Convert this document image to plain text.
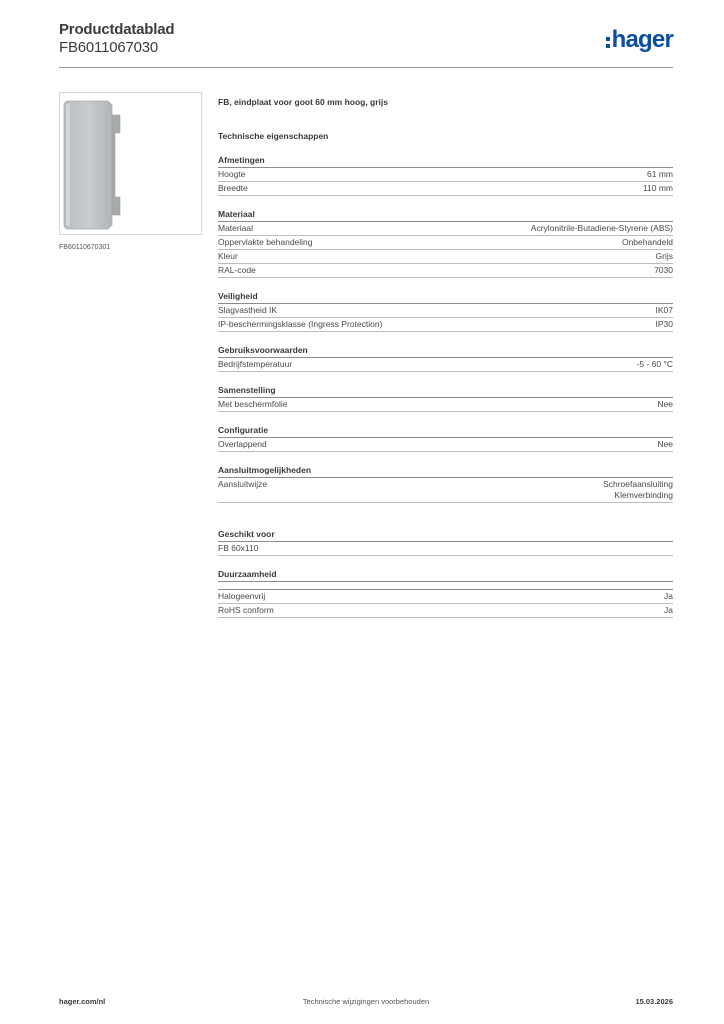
Productdatablad
FB6011067030	hager
FB60110670301
FB, eindplaat voor goot 60 mm hoog, grijs
Technische eigenschappen
Afmetingen
Hoogte	61 mm
Breedte	110 mm
Materiaal
Materiaal	Acrylonitrile-Butadiene-Styrene (ABS)
Oppervlakte behandeling	Onbehandeld
Kleur	Grijs
RAL-code	7030
Veiligheid
Slagvastheid IK	IK07
IP-beschermingsklasse (Ingress Protection)	IP30
Gebruiksvoorwaarden
Bedrijfstemperatuur	-5 - 60 °C
Samenstelling
Met beschermfolie	Nee
Configuratie
Overlappend	Nee
Aansluitmogelijkheden
Aansluitwijze	Schroefaansluiting
Klemverbinding
Geschikt voor
FB 60x110
Duurzaamheid
Halogeenvrij	Ja
RoHS conform	Ja
hager.com/nl	Technische wijzigingen voorbehouden	15.03.2026
